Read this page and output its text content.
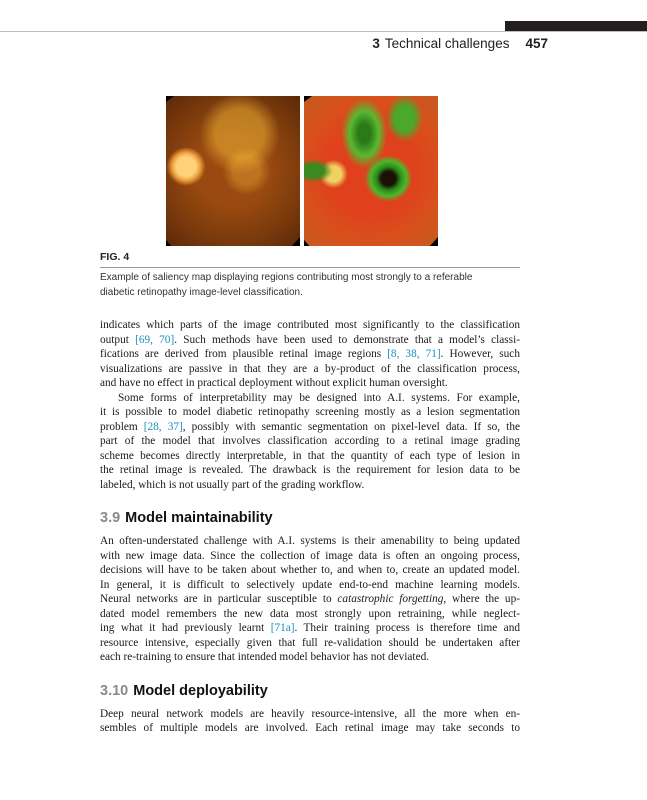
3 Technical challenges 457
FIG. 4
Example of saliency map displaying regions contributing most strongly to a referable
diabetic retinopathy image-level classification.
indicates which parts of the image contributed most significantly to the classification
output [69, 70]. Such methods have been used to demonstrate that a model’s classi-
fications are derived from plausible retinal image regions [8, 38, 71]. However, such
visualizations are passive in that they are a by-product of the classification process,
and have no effect in practical deployment without explicit human oversight.
Some forms of interpretability may be designed into A.I. systems. For example,
it is possible to model diabetic retinopathy screening mostly as a lesion segmentation
problem [28, 37], possibly with semantic segmentation on pixel-level data. If so, the
part of the model that involves classification according to a retinal image grading
scheme becomes directly interpretable, in that the quantity of each type of lesion in
the retinal image is revealed. The drawback is the requirement for lesion data to be
labeled, which is not usually part of the grading workflow.
3.9 Model maintainability
An often-understated challenge with A.I. systems is their amenability to being updated
with new image data. Since the collection of image data is often an ongoing process,
decisions will have to be taken about whether to, and when to, create an updated model.
In general, it is difficult to selectively update end-to-end machine learning models.
Neural networks are in particular susceptible to catastrophic forgetting, where the up-
dated model remembers the new data most strongly upon retraining, while neglect-
ing what it had previously learnt [71a]. Their training process is therefore time and
resource intensive, especially given that full re-validation should be undertaken after
each re-training to ensure that intended model behavior has not deviated.
3.10 Model deployability
Deep neural network models are heavily resource-intensive, all the more when en-
sembles of multiple models are involved. Each retinal image may take seconds to
